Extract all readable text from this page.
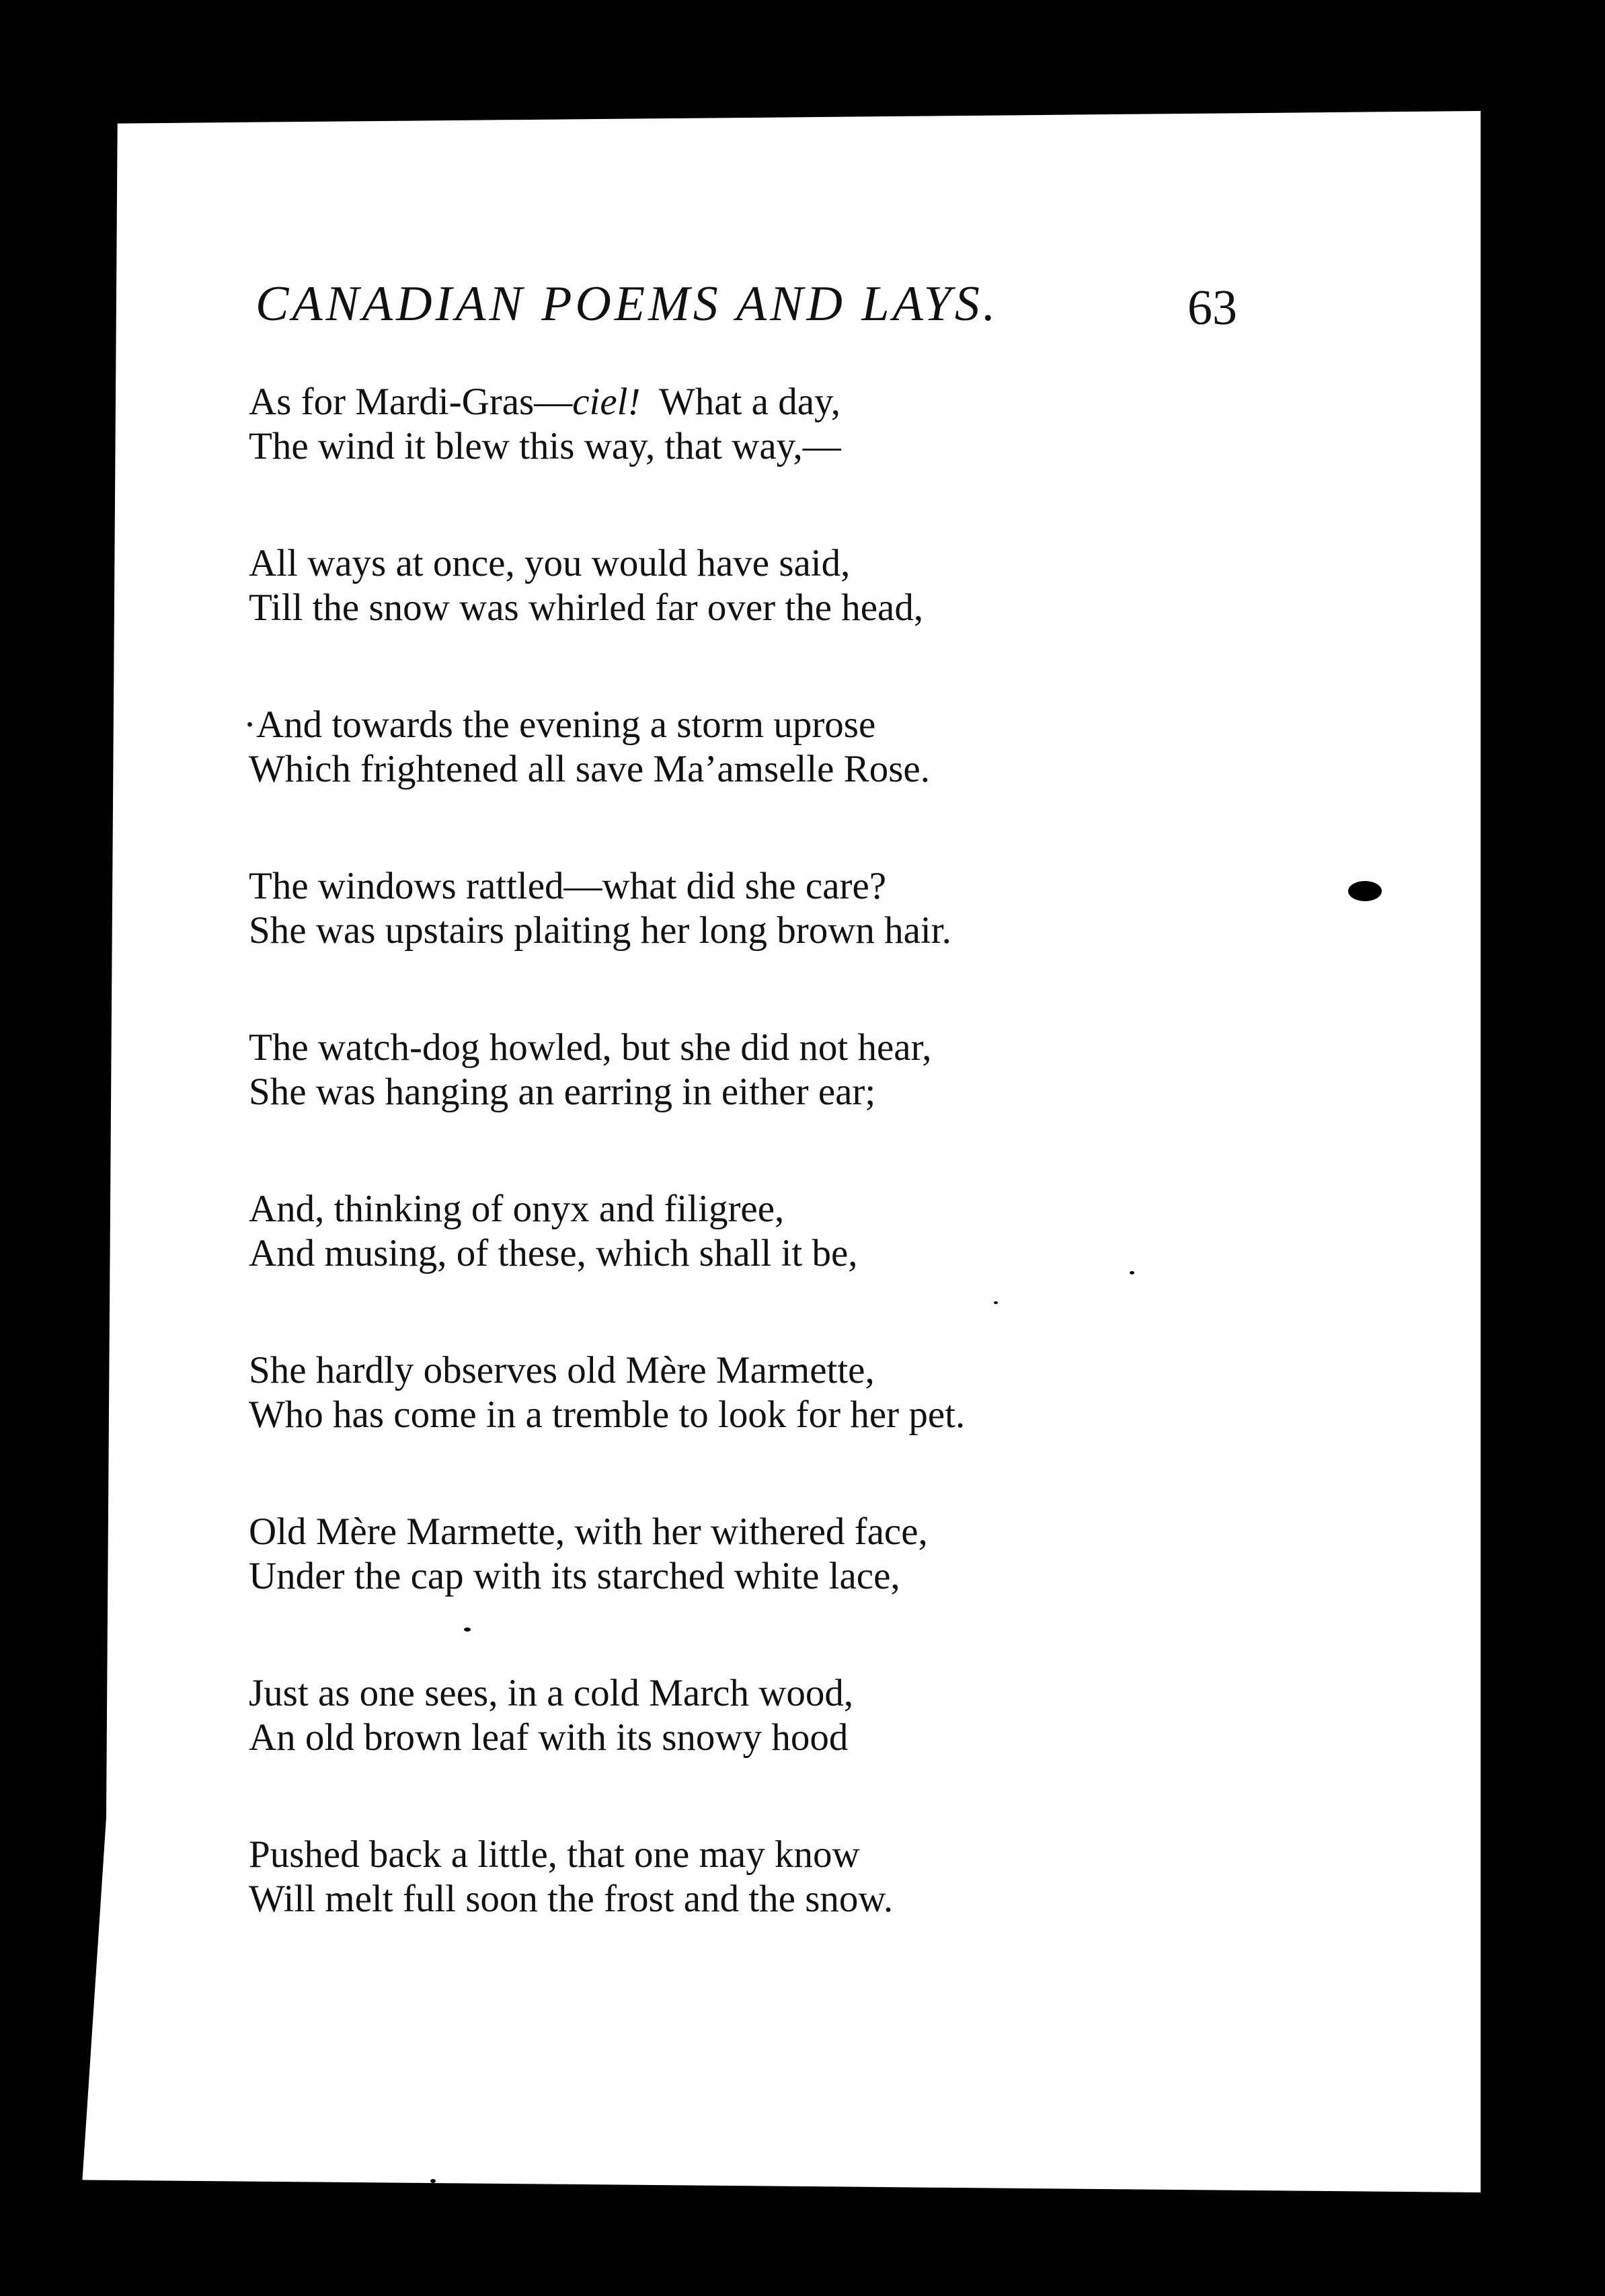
CANADIAN POEMS AND LAYS.	63
As for Mardi-Gras—ciel!  What a day,
The wind it blew this way, that way,—
All ways at once, you would have said,
Till the snow was whirled far over the head,
·And towards the evening a storm uprose
Which frightened all save Ma’amselle Rose.
The windows rattled—what did she care?
She was upstairs plaiting her long brown hair.
The watch-dog howled, but she did not hear,
She was hanging an earring in either ear;
And, thinking of onyx and filigree,
And musing, of these, which shall it be,
She hardly observes old Mère Marmette,
Who has come in a tremble to look for her pet.
Old Mère Marmette, with her withered face,
Under the cap with its starched white lace,
Just as one sees, in a cold March wood,
An old brown leaf with its snowy hood
Pushed back a little, that one may know
Will melt full soon the frost and the snow.
